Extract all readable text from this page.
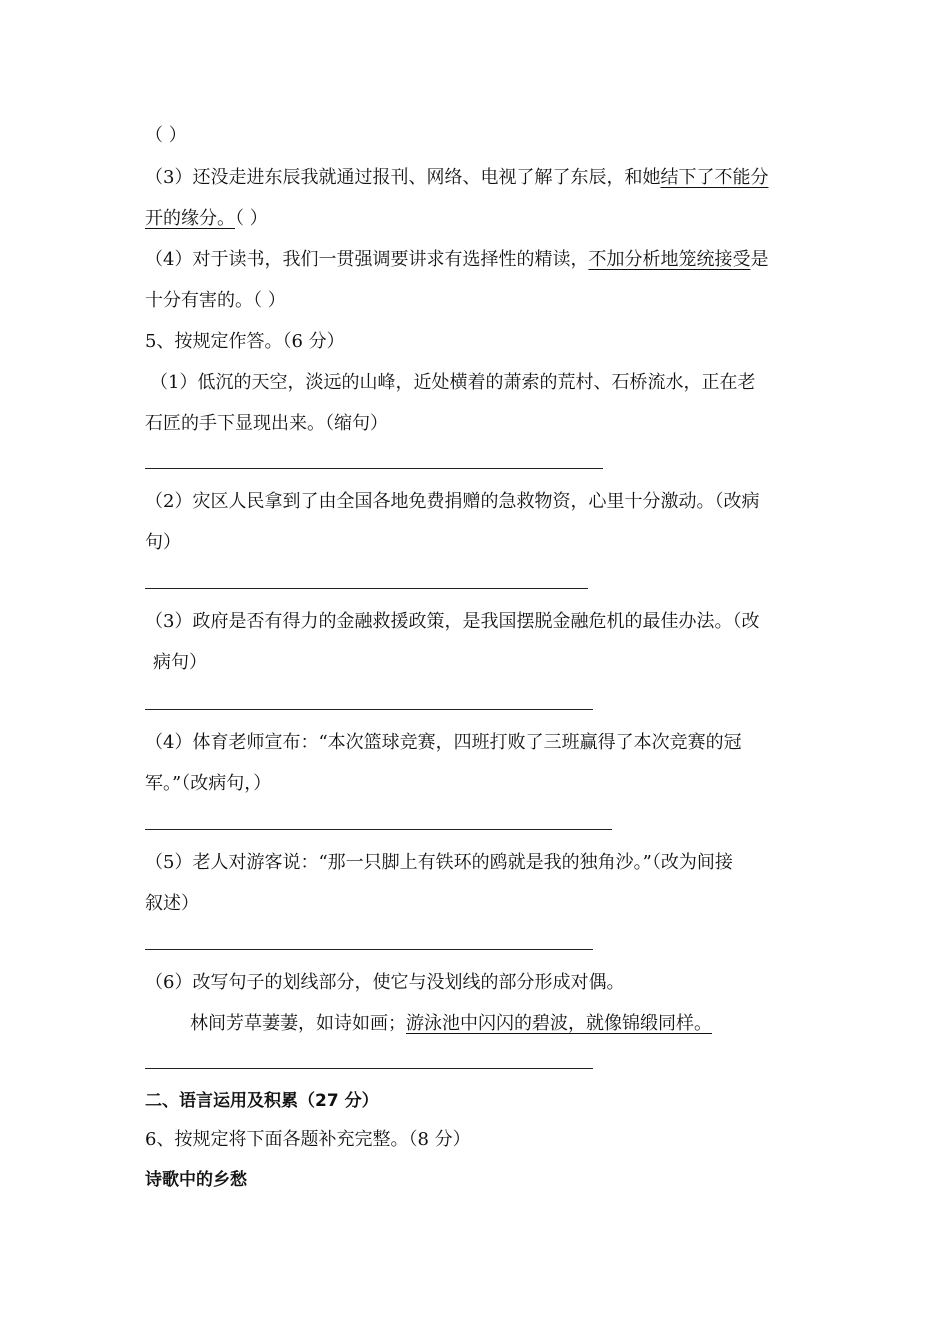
（ ）
（3）还没走进东辰我就通过报刊、网络、电视了解了东辰，和她结下了不能分
开的缘分。（ ）
（4）对于读书，我们一贯强调要讲求有选择性的精读，不加分析地笼统接受是
十分有害的。（ ）
5、按规定作答。（6 分）
（1）低沉的天空，淡远的山峰，近处横着的萧索的荒村、石桥流水，正在老
石匠的手下显现出来。（缩句）
（2）灾区人民拿到了由全国各地免费捐赠的急救物资，心里十分激动。（改病
句）
（3）政府是否有得力的金融救援政策，是我国摆脱金融危机的最佳办法。（改
病句）
（4）体育老师宣布：“本次篮球竞赛，四班打败了三班赢得了本次竞赛的冠
军。”（改病句，）
（5）老人对游客说：“那一只脚上有铁环的鸥就是我的独角沙。”（改为间接
叙述）
（6）改写句子的划线部分，使它与没划线的部分形成对偶。
林间芳草萋萋，如诗如画；游泳池中闪闪的碧波，就像锦缎同样。
二、语言运用及积累（27 分）
6、按规定将下面各题补充完整。（8 分）
诗歌中的乡愁
